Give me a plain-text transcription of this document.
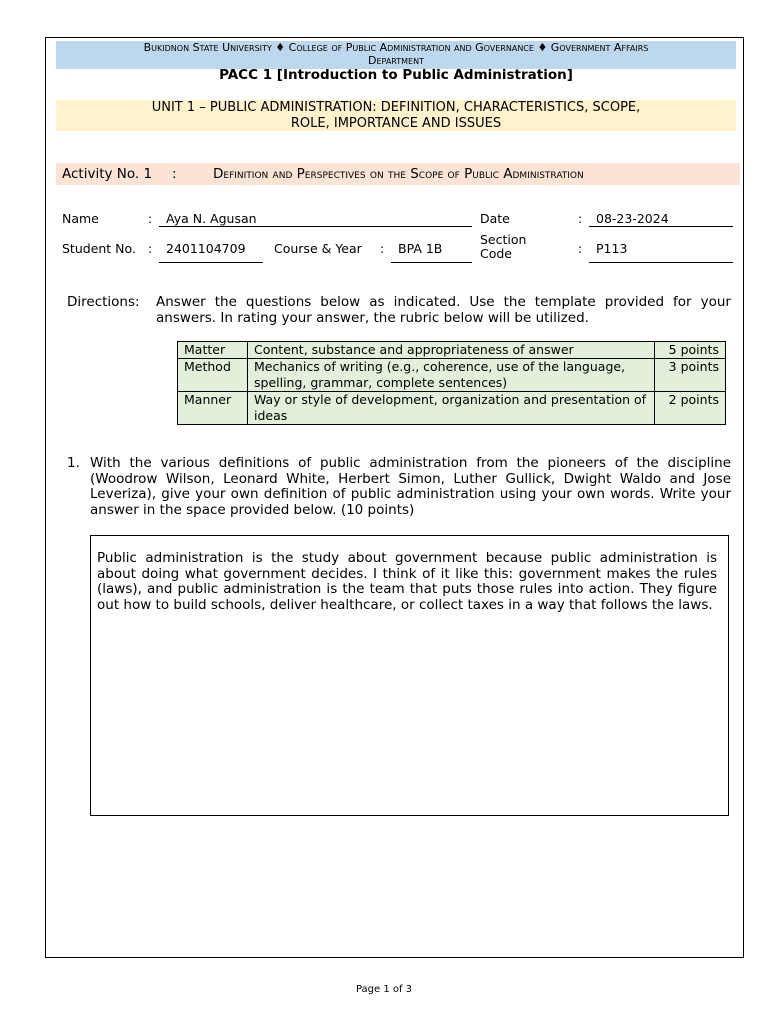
Bukidnon State University ♦ College of Public Administration and Governance ♦ Government Affairs
Department
PACC 1 [Introduction to Public Administration]
UNIT 1 – PUBLIC ADMINISTRATION: DEFINITION, CHARACTERISTICS, SCOPE,
ROLE, IMPORTANCE AND ISSUES
Activity No. 1 :	Definition and Perspectives on the Scope of Public Administration
Name	: Aya N. Agusan	Date	: 08-23-2024
Student No. : 2401104709 Course & Year : BPA 1B
Section
Code	: P113
Directions: Answer the questions below as indicated. Use the template provided for your answers. In rating your answer, the rubric below will be utilized.
Matter	Content, substance and appropriateness of answer	5 points
Method	Mechanics of writing (e.g., coherence, use of the language, spelling, grammar, complete sentences)	3 points
Manner	Way or style of development, organization and presentation of ideas	2 points
1. With the various definitions of public administration from the pioneers of the discipline (Woodrow Wilson, Leonard White, Herbert Simon, Luther Gullick, Dwight Waldo and Jose Leveriza), give your own definition of public administration using your own words. Write your answer in the space provided below. (10 points)
Public administration is the study about government because public administration is about doing what government decides. I think of it like this: government makes the rules (laws), and public administration is the team that puts those rules into action. They figure out how to build schools, deliver healthcare, or collect taxes in a way that follows the laws.
Page 1 of 3
